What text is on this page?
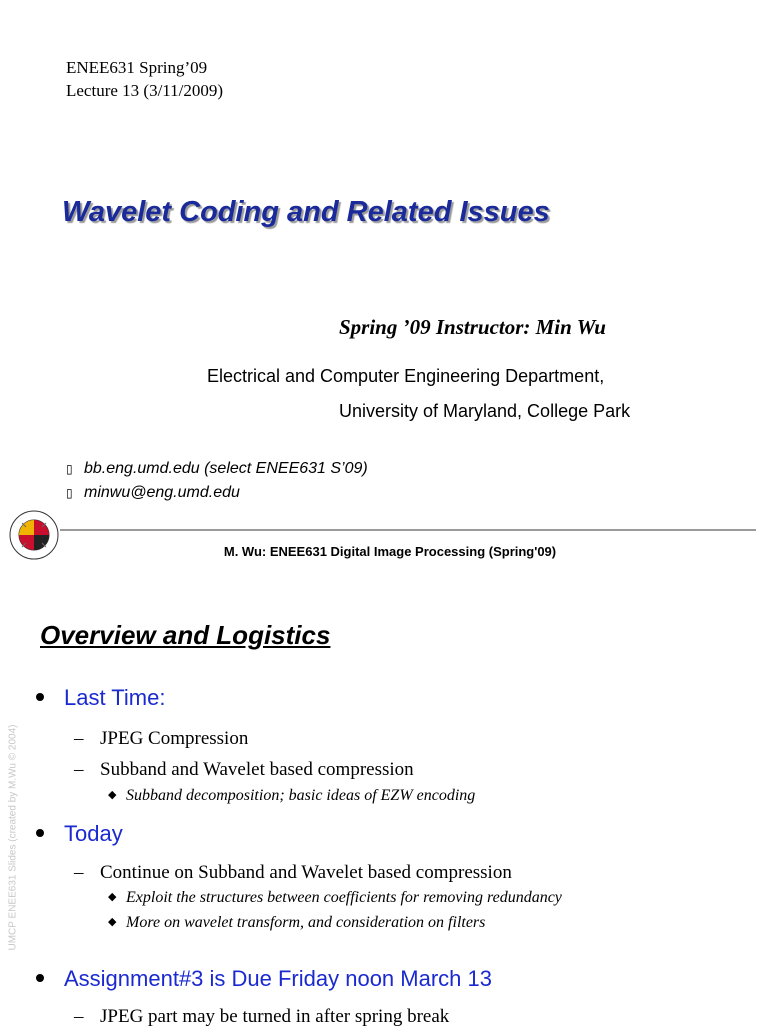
ENEE631 Spring’09
Lecture 13 (3/11/2009)
Wavelet Coding and Related Issues
Spring ’09 Instructor: Min Wu
Electrical and Computer Engineering Department,
University of Maryland, College Park
▯ bb.eng.umd.edu (select ENEE631 S’09)
▯ minwu@eng.umd.edu
M. Wu: ENEE631 Digital Image Processing (Spring'09)
Overview and Logistics
Last Time:
– JPEG Compression
– Subband and Wavelet based compression
◆ Subband decomposition; basic ideas of EZW encoding
Today
– Continue on Subband and Wavelet based compression
◆ Exploit the structures between coefficients for removing redundancy
◆ More on wavelet transform, and consideration on filters
Assignment#3 is Due Friday noon March 13
– JPEG part may be turned in after spring break
UMCP ENEE631 Slides (created by M.Wu © 2004)
